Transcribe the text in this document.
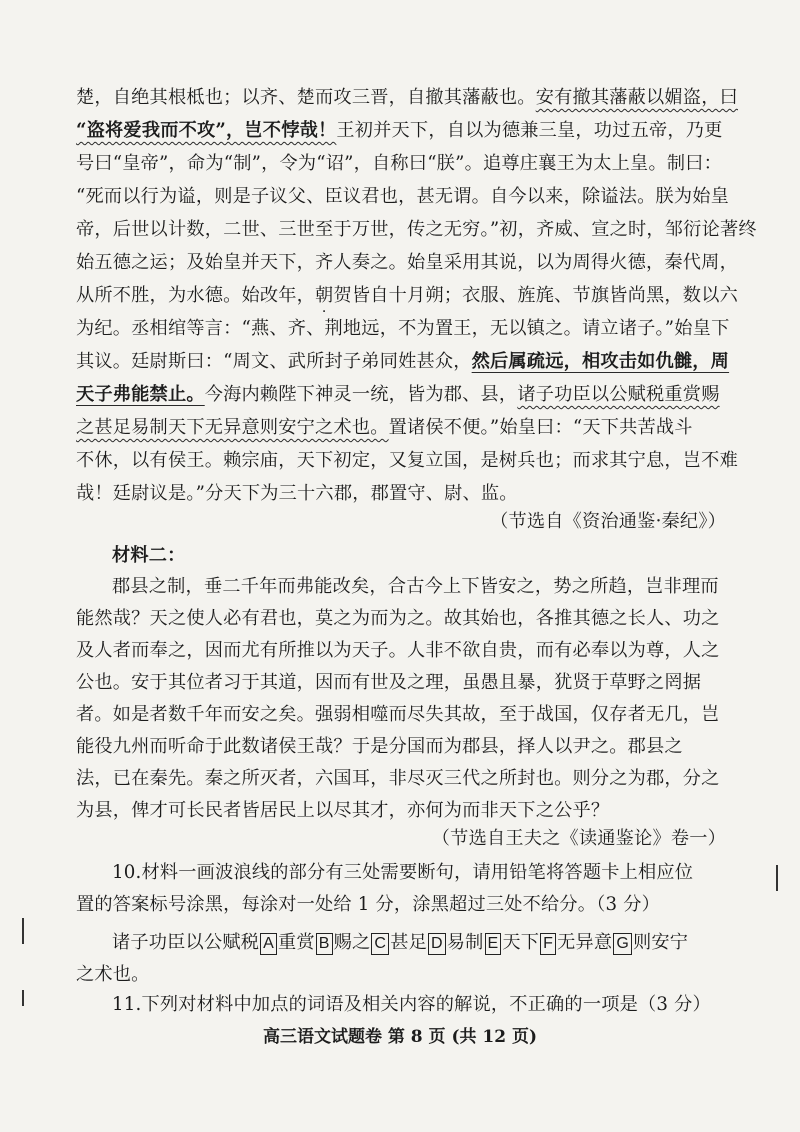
楚，自绝其根柢也；以齐、楚而攻三晋，自撤其藩蔽也。安有撤其藩蔽以媚盗，曰
“盗将爱我而不攻”，岂不悖哉！王初并天下，自以为德兼三皇，功过五帝，乃更
号曰“皇帝”，命为“制”，令为“诏”，自称曰“朕”。追尊庄襄王为太上皇。制曰：
“死而以行为谥，则是子议父、臣议君也，甚无谓。自今以来，除谥法。朕为始皇
帝，后世以计数，二世、三世至于万世，传之无穷。”初，齐威、宣之时，邹衍论著终
始五德之运；及始皇并天下，齐人奏之。始皇采用其说，以为周得火德，秦代周，
从所不胜，为水德。始改年，朝贺皆自十月朔；衣服、旌旄、节旗皆尚黑，数以六
为纪。丞相绾等言：“燕、齐、荆地远，不为置王，无以镇之。请立诸子。”始皇下
其议。廷尉斯曰：“周文、武所封子弟同姓甚众，然后属疏远，相攻击如仇雠，周
天子弗能禁止。今海内赖陛下神灵一统，皆为郡、县，诸子功臣以公赋税重赏赐
之甚足易制天下无异意则安宁之术也。置诸侯不便。”始皇曰：“天下共苦战斗
不休，以有侯王。赖宗庙，天下初定，又复立国，是树兵也；而求其宁息，岂不难
哉！廷尉议是。”分天下为三十六郡，郡置守、尉、监。
（节选自《资治通鉴·秦纪》）
材料二：
郡县之制，垂二千年而弗能改矣，合古今上下皆安之，势之所趋，岂非理而
能然哉？天之使人必有君也，莫之为而为之。故其始也，各推其德之长人、功之
及人者而奉之，因而尤有所推以为天子。人非不欲自贵，而有必奉以为尊，人之
公也。安于其位者习于其道，因而有世及之理，虽愚且暴，犹贤于草野之罔据
者。如是者数千年而安之矣。强弱相噬而尽失其故，至于战国，仅存者无几，岂
能役九州而听命于此数诸侯王哉？于是分国而为郡县，择人以尹之。郡县之
法，已在秦先。秦之所灭者，六国耳，非尽灭三代之所封也。则分之为郡，分之
为县，俾才可长民者皆居民上以尽其才，亦何为而非天下之公乎？
（节选自王夫之《读通鉴论》卷一）
10.材料一画波浪线的部分有三处需要断句，请用铅笔将答题卡上相应位
置的答案标号涂黑，每涂对一处给 1 分，涂黑超过三处不给分。（3 分）
诸子功臣以公赋税 A 重赏 B 赐之 C 甚足 D 易制 E 天下 F 无异意 G 则安宁
之术也。
11.下列对材料中加点的词语及相关内容的解说，不正确的一项是（3 分）
高三语文试题卷 第 8 页 (共 12 页)
